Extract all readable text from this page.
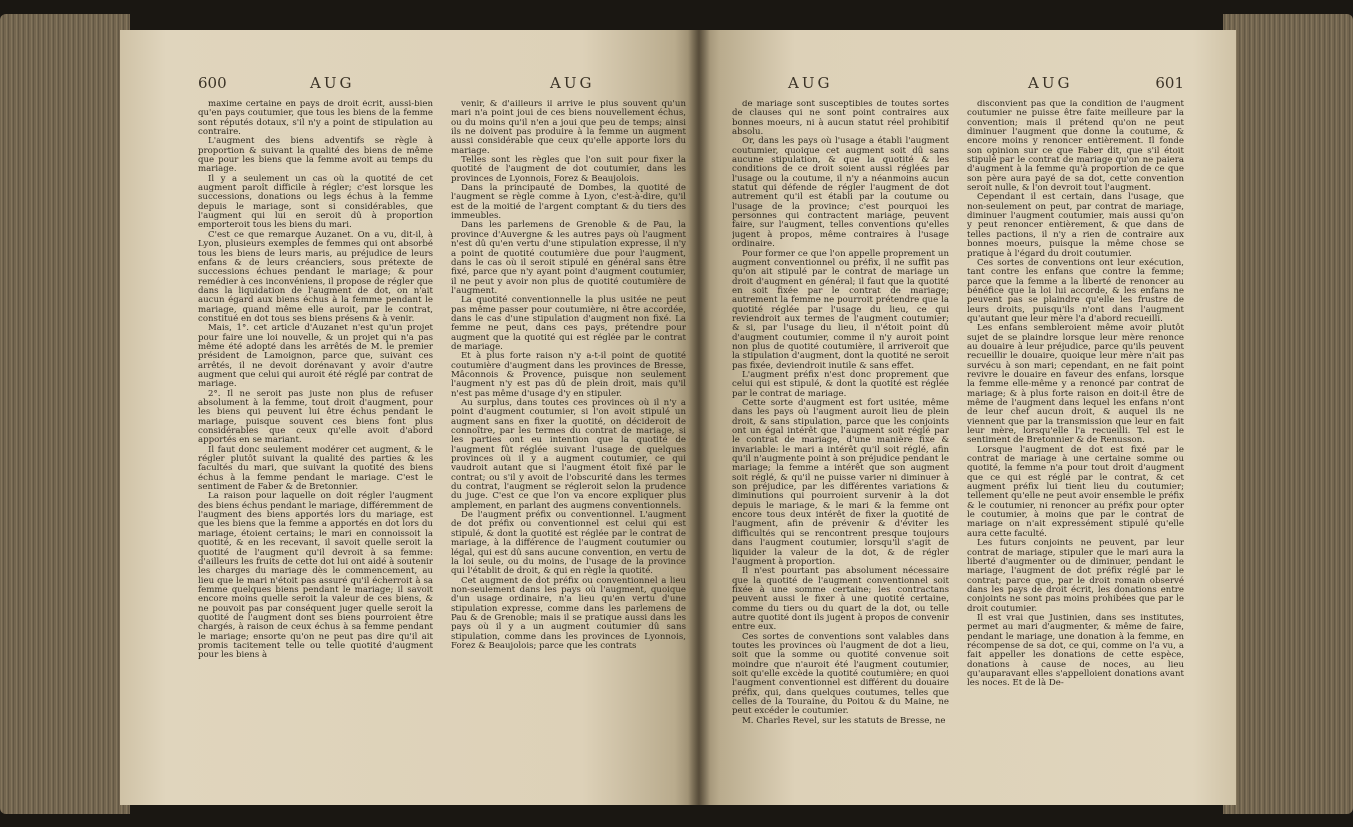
600	AUG	AUG

maxime certaine en pays de droit écrit, aussi-bien qu'en pays coutumier, que tous les biens de la femme sont réputés dotaux, s'il n'y a point de stipulation au contraire.

L'augment des biens adventifs se règle à proportion & suivant la qualité des biens de même que pour les biens que la femme avoit au temps du mariage.

Il y a seulement un cas où la quotité de cet augment paroît difficile à régler; c'est lorsque les successions, donations ou legs échus à la femme depuis le mariage, sont si considérables, que l'augment qui lui en seroit dû à proportion emporteroit tous les biens du mari.

C'est ce que remarque Auzanet. On a vu, dit-il, à Lyon, plusieurs exemples de femmes qui ont absorbé tous les biens de leurs maris, au préjudice de leurs enfans & de leurs créanciers, sous prétexte de successions échues pendant le mariage; & pour remédier à ces inconvéniens, il propose de régler que dans la liquidation de l'augment de dot, on n'ait aucun égard aux biens échus à la femme pendant le mariage, quand même elle auroit, par le contrat, constitué en dot tous ses biens présens & à venir.

Mais, 1°. cet article d'Auzanet n'est qu'un projet pour faire une loi nouvelle, & un projet qui n'a pas même été adopté dans les arrêtés de M. le premier président de Lamoignon, parce que, suivant ces arrêtés, il ne devoit dorénavant y avoir d'autre augment que celui qui auroit été réglé par contrat de mariage.

2°. Il ne seroit pas juste non plus de refuser absolument à la femme, tout droit d'augment, pour les biens qui peuvent lui être échus pendant le mariage, puisque souvent ces biens font plus considérables que ceux qu'elle avoit d'abord apportés en se mariant.

Il faut donc seulement modérer cet augment, & le régler plutôt suivant la qualité des parties & les facultés du mari, que suivant la quotité des biens échus à la femme pendant le mariage. C'est le sentiment de Faber & de Bretonnier.

La raison pour laquelle on doit régler l'augment des biens échus pendant le mariage, différemment de l'augment des biens apportés lors du mariage, est que les biens que la femme a apportés en dot lors du mariage, étoient certains; le mari en connoissoit la quotité, & en les recevant, il savoit quelle seroit la quotité de l'augment qu'il devroit à sa femme: d'ailleurs les fruits de cette dot lui ont aidé à soutenir les charges du mariage dès le commencement, au lieu que le mari n'étoit pas assuré qu'il écherroit à sa femme quelques biens pendant le mariage; il savoit encore moins quelle seroit la valeur de ces biens, & ne pouvoit pas par conséquent juger quelle seroit la quotité de l'augment dont ses biens pourroient être chargés, à raison de ceux échus à sa femme pendant le mariage; ensorte qu'on ne peut pas dire qu'il ait promis tacitement telle ou telle quotité d'augment pour les biens à

venir, & d'ailleurs il arrive le plus souvent qu'un mari n'a point joui de ces biens nouvellement échus, ou du moins qu'il n'en a joui que peu de temps; ainsi ils ne doivent pas produire à la femme un augment aussi considérable que ceux qu'elle apporte lors du mariage.

Telles sont les règles que l'on suit pour fixer la quotité de l'augment de dot coutumier, dans les provinces de Lyonnois, Forez & Beaujolois.

Dans la principauté de Dombes, la quotité de l'augment se règle comme à Lyon, c'est-à-dire, qu'il est de la moitié de l'argent comptant & du tiers des immeubles.

Dans les parlemens de Grenoble & de Pau, la province d'Auvergne & les autres pays où l'augment n'est dû qu'en vertu d'une stipulation expresse, il n'y a point de quotité coutumière due pour l'augment, dans le cas où il seroit stipulé en général sans être fixé, parce que n'y ayant point d'augment coutumier, il ne peut y avoir non plus de quotité coutumière de l'augment.

La quotité conventionnelle la plus usitée ne peut pas même passer pour coutumière, ni être accordée, dans le cas d'une stipulation d'augment non fixé. La femme ne peut, dans ces pays, prétendre pour augment que la quotité qui est réglée par le contrat de mariage.

Et à plus forte raison n'y a-t-il point de quotité coutumière d'augment dans les provinces de Bresse, Mâconnois & Provence, puisque non seulement l'augment n'y est pas dû de plein droit, mais qu'il n'est pas même d'usage d'y en stipuler.

Au surplus, dans toutes ces provinces où il n'y a point d'augment coutumier, si l'on avoit stipulé un augment sans en fixer la quotité, on décideroit de connoître, par les termes du contrat de mariage, si les parties ont eu intention que la quotité de l'augment fût réglée suivant l'usage de quelques provinces où il y a augment coutumier, ce qui vaudroit autant que si l'augment étoit fixé par le contrat; ou s'il y avoit de l'obscurité dans les termes du contrat, l'augment se régleroit selon la prudence du juge. C'est ce que l'on va encore expliquer plus amplement, en parlant des augmens conventionnels.

De l'augment préfix ou conventionnel. L'augment de dot préfix ou conventionnel est celui qui est stipulé, & dont la quotité est réglée par le contrat de mariage, à la différence de l'augment coutumier ou légal, qui est dû sans aucune convention, en vertu de la loi seule, ou du moins, de l'usage de la province qui l'établit de droit, & qui en règle la quotité.

Cet augment de dot préfix ou conventionnel a lieu non-seulement dans les pays où l'augment, quoique d'un usage ordinaire, n'a lieu qu'en vertu d'une stipulation expresse, comme dans les parlemens de Pau & de Grenoble; mais il se pratique aussi dans les pays où il y a un augment coutumier dû sans stipulation, comme dans les provinces de Lyonnois, Forez & Beaujolois; parce que les contrats

AUG	AUG	601

de mariage sont susceptibles de toutes sortes de clauses qui ne sont point contraires aux bonnes moeurs, ni à aucun statut réel prohibitif absolu.

Or, dans les pays où l'usage a établi l'augment coutumier, quoique cet augment soit dû sans aucune stipulation, & que la quotité & les conditions de ce droit soient aussi réglées par l'usage ou la coutume, il n'y a néanmoins aucun statut qui défende de régler l'augment de dot autrement qu'il est établi par la coutume ou l'usage de la province; c'est pourquoi les personnes qui contractent mariage, peuvent faire, sur l'augment, telles conventions qu'elles jugent à propos, même contraires à l'usage ordinaire.

Pour former ce que l'on appelle proprement un augment conventionnel ou préfix, il ne suffit pas qu'on ait stipulé par le contrat de mariage un droit d'augment en général; il faut que la quotité en soit fixée par le contrat de mariage; autrement la femme ne pourroit prétendre que la quotité réglée par l'usage du lieu, ce qui reviendroit aux termes de l'augment coutumier; & si, par l'usage du lieu, il n'étoit point dû d'augment coutumier, comme il n'y auroit point non plus de quotité coutumière, il arriveroit que la stipulation d'augment, dont la quotité ne seroit pas fixée, deviendroit inutile & sans effet.

L'augment préfix n'est donc proprement que celui qui est stipulé, & dont la quotité est réglée par le contrat de mariage.

Cette sorte d'augment est fort usitée, même dans les pays où l'augment auroit lieu de plein droit, & sans stipulation, parce que les conjoints ont un égal intérêt que l'augment soit réglé par le contrat de mariage, d'une manière fixe & invariable: le mari a intérêt qu'il soit réglé, afin qu'il n'augmente point à son préjudice pendant le mariage; la femme a intérêt que son augment soit réglé, & qu'il ne puisse varier ni diminuer à son préjudice, par les différentes variations & diminutions qui pourroient survenir à la dot depuis le mariage, & le mari & la femme ont encore tous deux intérêt de fixer la quotité de l'augment, afin de prévenir & d'éviter les difficultés qui se rencontrent presque toujours dans l'augment coutumier, lorsqu'il s'agit de liquider la valeur de la dot, & de régler l'augment à proportion.

Il n'est pourtant pas absolument nécessaire que la quotité de l'augment conventionnel soit fixée à une somme certaine; les contractans peuvent aussi le fixer à une quotité certaine, comme du tiers ou du quart de la dot, ou telle autre quotité dont ils jugent à propos de convenir entre eux.

Ces sortes de conventions sont valables dans toutes les provinces où l'augment de dot a lieu, soit que la somme ou quotité convenue soit moindre que n'auroit été l'augment coutumier, soit qu'elle excède la quotité coutumière; en quoi l'augment conventionnel est différent du douaire préfix, qui, dans quelques coutumes, telles que celles de la Touraine, du Poitou & du Maine, ne peut excéder le coutumier.

M. Charles Revel, sur les statuts de Bresse, ne

disconvient pas que la condition de l'augment coutumier ne puisse être faite meilleure par la convention; mais il prétend qu'on ne peut diminuer l'augment que donne la coutume, & encore moins y renoncer entièrement. Il fonde son opinion sur ce que Faber dit, que s'il étoit stipulé par le contrat de mariage qu'on ne paiera d'augment à la femme qu'à proportion de ce que son père aura payé de sa dot, cette convention seroit nulle, & l'on devroit tout l'augment.

Cependant il est certain, dans l'usage, que non-seulement on peut, par contrat de mariage, diminuer l'augment coutumier, mais aussi qu'on y peut renoncer entièrement, & que dans de telles pactions, il n'y a rien de contraire aux bonnes moeurs, puisque la même chose se pratique à l'égard du droit coutumier.

Ces sortes de conventions ont leur exécution, tant contre les enfans que contre la femme; parce que la femme a la liberté de renoncer au bénéfice que la loi lui accorde, & les enfans ne peuvent pas se plaindre qu'elle les frustre de leurs droits, puisqu'ils n'ont dans l'augment qu'autant que leur mère l'a d'abord recueilli.

Les enfans sembleroient même avoir plutôt sujet de se plaindre lorsque leur mère renonce au douaire à leur préjudice, parce qu'ils peuvent recueillir le douaire, quoique leur mère n'ait pas survécu à son mari; cependant, en ne fait point revivre le douaire en faveur des enfans, lorsque la femme elle-même y a renoncé par contrat de mariage; & à plus forte raison en doit-il être de même de l'augment dans lequel les enfans n'ont de leur chef aucun droit, & auquel ils ne viennent que par la transmission que leur en fait leur mère, lorsqu'elle l'a recueilli. Tel est le sentiment de Bretonnier & de Renusson.

Lorsque l'augment de dot est fixé par le contrat de mariage à une certaine somme ou quotité, la femme n'a pour tout droit d'augment que ce qui est réglé par le contrat, & cet augment préfix lui tient lieu du coutumier; tellement qu'elle ne peut avoir ensemble le préfix & le coutumier, ni renoncer au préfix pour opter le coutumier, à moins que par le contrat de mariage on n'ait expressément stipulé qu'elle aura cette faculté.

Les futurs conjoints ne peuvent, par leur contrat de mariage, stipuler que le mari aura la liberté d'augmenter ou de diminuer, pendant le mariage, l'augment de dot préfix réglé par le contrat; parce que, par le droit romain observé dans les pays de droit écrit, les donations entre conjoints ne sont pas moins prohibées que par le droit coutumier.

Il est vrai que Justinien, dans ses institutes, permet au mari d'augmenter, & même de faire, pendant le mariage, une donation à la femme, en récompense de sa dot, ce qui, comme on l'a vu, a fait appeller les donations de cette espèce, donations à cause de noces, au lieu qu'auparavant elles s'appelloient donations avant les noces. Et de là De-
